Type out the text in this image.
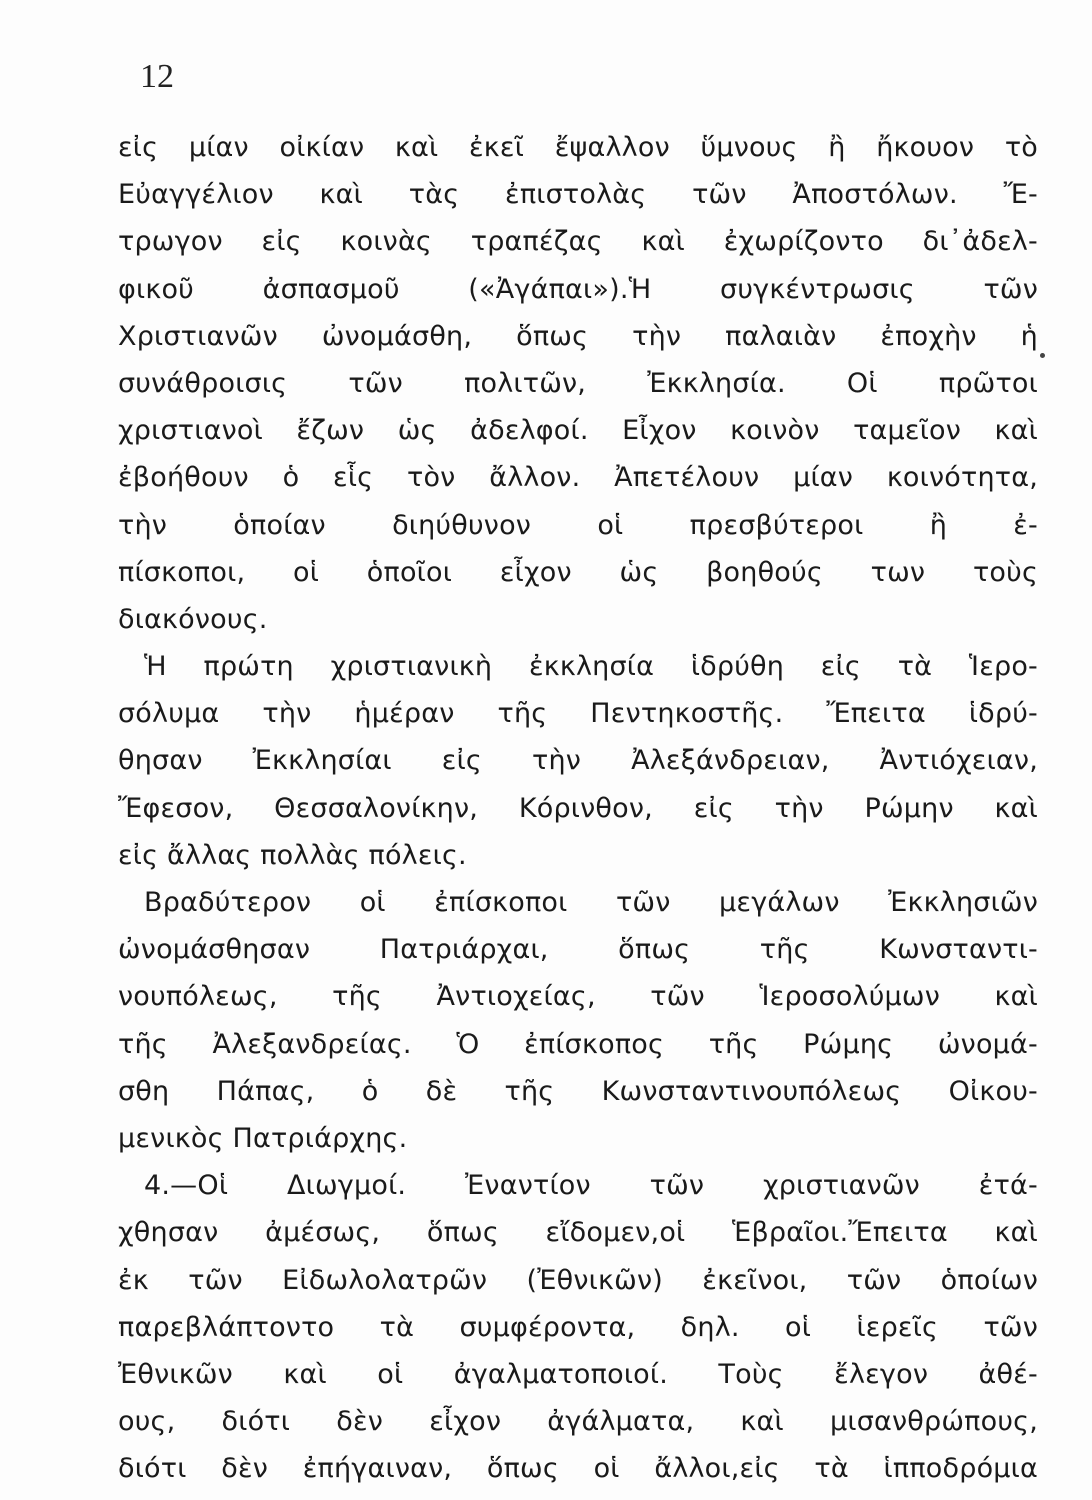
12
εἰς μίαν οἰκίαν καὶ ἐκεῖ ἔψαλλον ὕμνους ἢ ἤκουον τὸ
Εὐαγγέλιον καὶ τὰς ἐπιστολὰς τῶν Ἀποστόλων. Ἔ-
τρωγον εἰς κοινὰς τραπέζας καὶ ἐχωρίζοντο δι᾿ἀδελ-
φικοῦ ἀσπασμοῦ («Ἀγάπαι»).Ἡ συγκέντρωσις τῶν
Χριστιανῶν ὠνομάσθη, ὅπως τὴν παλαιὰν ἐποχὴν ἡ
συνάθροισις τῶν πολιτῶν, Ἐκκλησία. Οἱ πρῶτοι
χριστιανοὶ ἔζων ὡς ἀδελφοί. Εἶχον κοινὸν ταμεῖον καὶ
ἐβοήθουν ὁ εἷς τὸν ἄλλον. Ἀπετέλουν μίαν κοινότητα,
τὴν ὁποίαν διηύθυνον οἱ πρεσβύτεροι ἢ ἐ-
πίσκοποι, οἱ ὁποῖοι εἶχον ὡς βοηθούς των τοὺς
διακόνους.
Ἡ πρώτη χριστιανικὴ ἐκκλησία ἱδρύθη εἰς τὰ Ἱερο-
σόλυμα τὴν ἡμέραν τῆς Πεντηκοστῆς. Ἔπειτα ἱδρύ-
θησαν Ἐκκλησίαι εἰς τὴν Ἀλεξάνδρειαν, Ἀντιόχειαν,
Ἔφεσον, Θεσσαλονίκην, Κόρινθον, εἰς τὴν Ρώμην καὶ
εἰς ἄλλας πολλὰς πόλεις.
Βραδύτερον οἱ ἐπίσκοποι τῶν μεγάλων Ἐκκλησιῶν
ὠνομάσθησαν Πατριάρχαι, ὅπως τῆς Κωνσταντι-
νουπόλεως, τῆς Ἀντιοχείας, τῶν Ἱεροσολύμων καὶ
τῆς Ἀλεξανδρείας. Ὁ ἐπίσκοπος τῆς Ρώμης ὠνομά-
σθη Πάπας, ὁ δὲ τῆς Κωνσταντινουπόλεως Οἰκου-
μενικὸς Πατριάρχης.
4.—Οἱ Διωγμοί. Ἐναντίον τῶν χριστιανῶν ἐτά-
χθησαν ἀμέσως, ὅπως εἴδομεν,οἱ Ἑβραῖοι.Ἔπειτα καὶ
ἐκ τῶν Εἰδωλολατρῶν (Ἐθνικῶν) ἐκεῖνοι, τῶν ὁποίων
παρεβλάπτοντο τὰ συμφέροντα, δηλ. οἱ ἱερεῖς τῶν
Ἐθνικῶν καὶ οἱ ἀγαλματοποιοί. Τοὺς ἔλεγον ἀθέ-
ους, διότι δὲν εἶχον ἀγάλματα, καὶ μισανθρώπους,
διότι δὲν ἐπήγαιναν, ὅπως οἱ ἄλλοι,εἰς τὰ ἱπποδρόμια
